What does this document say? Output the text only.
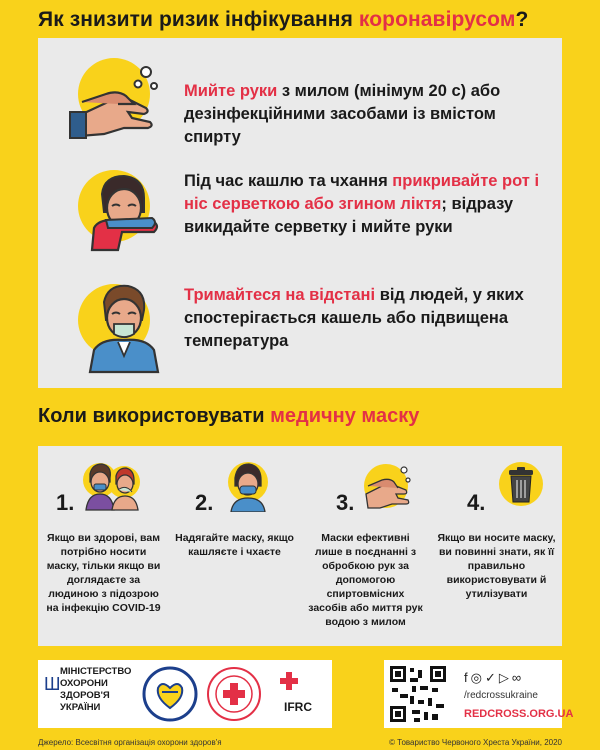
Як знизити ризик інфікування коронавірусом?
Мийте руки з милом (мінімум 20 с) або дезінфекційними засобами із вмістом спирту
Під час кашлю та чхання прикривайте рот і ніс серветкою або згином ліктя; відразу викидайте серветку і мийте руки
Тримайтеся на відстані від людей, у яких спостерігається кашель або підвищена температура
Коли використовувати медичну маску
1.
Якщо ви здорові, вам потрібно носити маску, тільки якщо ви доглядаєте за людиною з підозрою на інфекцію COVID-19
2.
Надягайте маску, якщо кашляєте і чхаєте
3.
Маски ефективні лише в поєднанні з обробкою рук за допомогою спиртовмісних засобів або миття рук водою з милом
4.
Якщо ви носите маску, ви повинні знати, як її правильно використовувати й утилізувати
Ш
МІНІСТЕРСТВО ОХОРОНИ ЗДОРОВ'Я УКРАЇНИ	IFRC
f◎✓▷∞
/redcrossukraine
REDCROSS.ORG.UA
Джерело: Всесвітня організація охорони здоров'я	© Товариство Червоного Хреста України, 2020
